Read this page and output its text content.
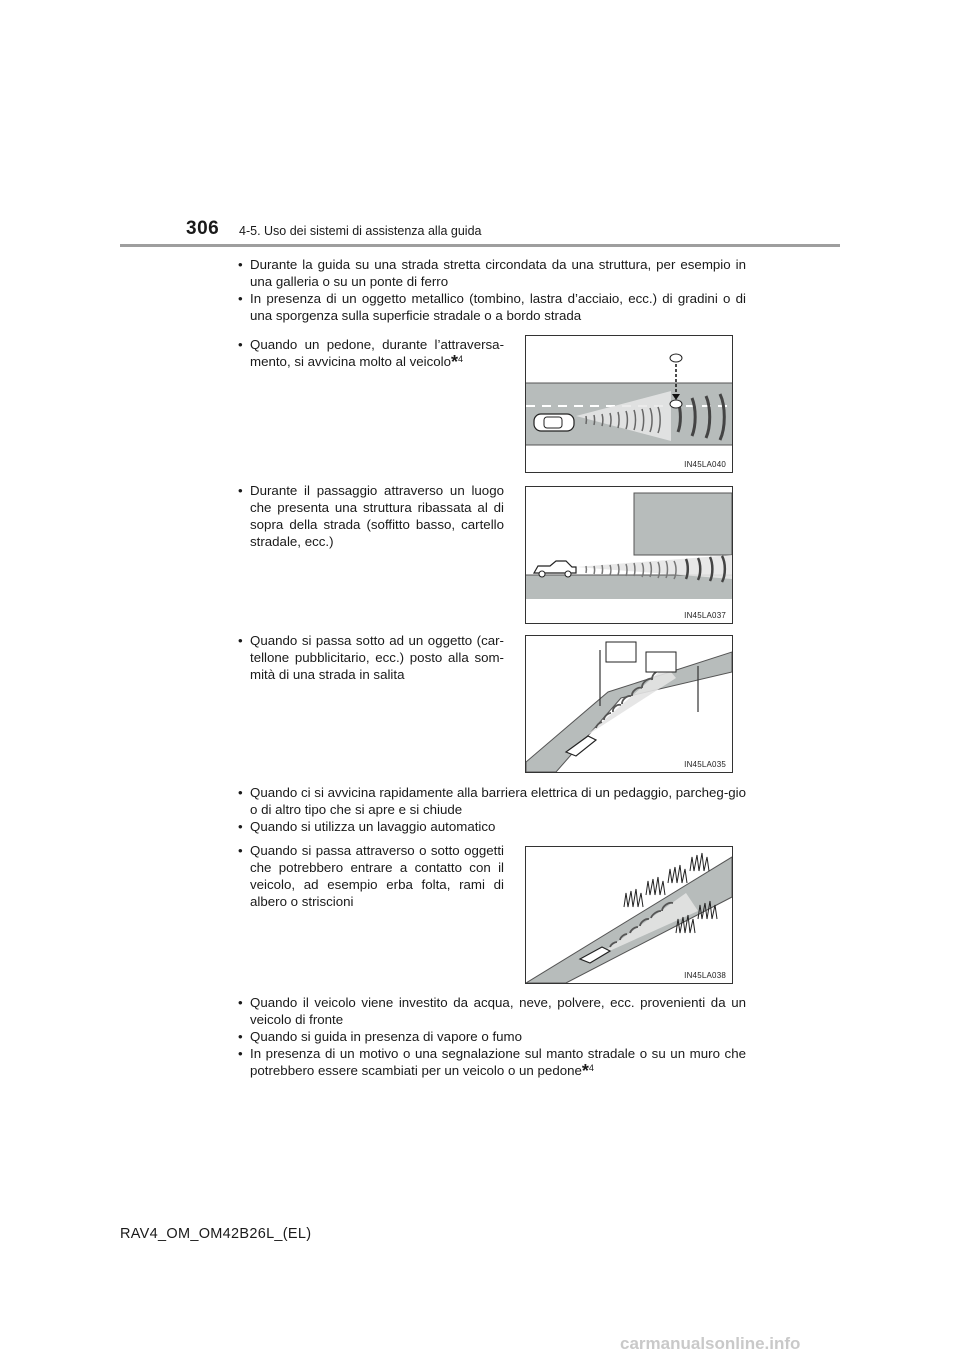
306 4-5. Uso dei sistemi di assistenza alla guida
• Durante la guida su una strada stretta circondata da una struttura, per esempio in una galleria o su un ponte di ferro
• In presenza di un oggetto metallico (tombino, lastra d’acciaio, ecc.) di gradini o di una sporgenza sulla superficie stradale o a bordo strada
• Quando un pedone, durante l’attraversa-mento, si avvicina molto al veicolo$^{*4}$
IN45LA040
• Durante il passaggio attraverso un luogo che presenta una struttura ribassata al di sopra della strada (soffitto basso, cartello stradale, ecc.)
IN45LA037
• Quando si passa sotto ad un oggetto (car-tellone pubblicitario, ecc.) posto alla som-mità di una strada in salita
IN45LA035
• Quando ci si avvicina rapidamente alla barriera elettrica di un pedaggio, parcheg-gio o di altro tipo che si apre e si chiude
• Quando si utilizza un lavaggio automatico
• Quando si passa attraverso o sotto oggetti che potrebbero entrare a contatto con il veicolo, ad esempio erba folta, rami di albero o striscioni
IN45LA038
• Quando il veicolo viene investito da acqua, neve, polvere, ecc. provenienti da un veicolo di fronte
• Quando si guida in presenza di vapore o fumo
• In presenza di un motivo o una segnalazione sul manto stradale o su un muro che potrebbero essere scambiati per un veicolo o un pedone$^{*4}$
RAV4_OM_OM42B26L_(EL)
carmanualsonline.info
